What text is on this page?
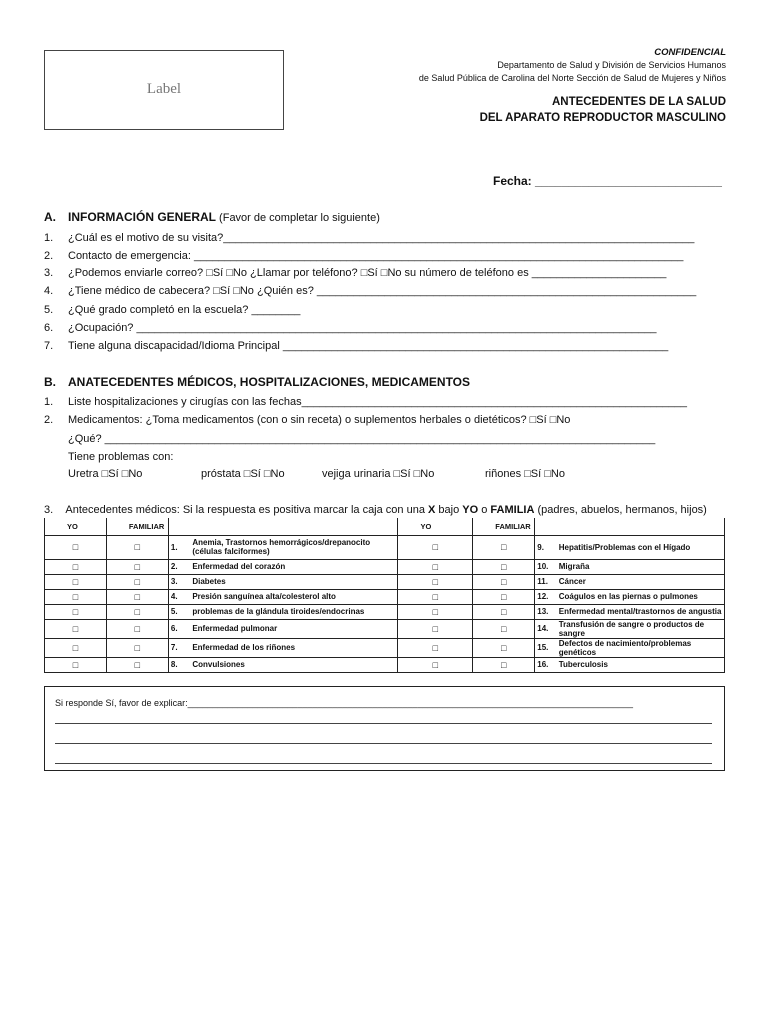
Label
CONFIDENCIAL
Departamento de Salud y División de Servicios Humanos
de Salud Pública de Carolina del Norte Sección de Salud de Mujeres y Niños
ANTECEDENTES DE LA SALUD
DEL APARATO REPRODUCTOR MASCULINO
Fecha: ____________________________
A. INFORMACIÓN GENERAL (Favor de completar lo siguiente)
1. ¿Cuál es el motivo de su visita?_____________________________________________________________________________
2. Contacto de emergencia: ________________________________________________________________________________
3. ¿Podemos enviarle correo? □Sí □No ¿Llamar por teléfono? □Sí □No su número de teléfono es ______________________
4. ¿Tiene médico de cabecera? □Sí □No ¿Quién es? ______________________________________________________________
5. ¿Qué grado completó en la escuela? ________
6. ¿Ocupación? _____________________________________________________________________________________
7. Tiene alguna discapacidad/Idioma Principal _______________________________________________________________
B. ANATECEDENTES MÉDICOS, HOSPITALIZACIONES, MEDICAMENTOS
1. Liste hospitalizaciones y cirugías con las fechas_______________________________________________________________
2. Medicamentos: ¿Toma medicamentos (con o sin receta) o suplementos herbales o dietéticos? □Sí □No
¿Qué? __________________________________________________________________________________________
Tiene problemas con:
Uretra □Sí □No	próstata □Sí □No	vejiga urinaria □Sí □No	riñones □Sí □No
3. Antecedentes médicos: Si la respuesta es positiva marcar la caja con una X bajo YO o FAMILIA (padres, abuelos, hermanos, hijos)
YO	FAMILIAR			YO	FAMILIAR		
□	□	1.	Anemia, Trastornos hemorrágicos/drepanocito (células falciformes)	□	□	9.	Hepatitis/Problemas con el Hígado
□	□	2.	Enfermedad del corazón	□	□	10.	Migraña
□	□	3.	Diabetes	□	□	11.	Cáncer
□	□	4.	Presión sanguínea alta/colesterol alto	□	□	12.	Coágulos en las piernas o pulmones
□	□	5.	problemas de la glándula tiroides/endocrinas	□	□	13.	Enfermedad mental/trastornos de angustia
□	□	6.	Enfermedad pulmonar	□	□	14.	Transfusión de sangre o productos de sangre
□	□	7.	Enfermedad de los riñones	□	□	15.	Defectos de nacimiento/problemas genéticos
□	□	8.	Convulsiones	□	□	16.	Tuberculosis
Si responde Sí, favor de explicar:_________________________________________________________________________________________
